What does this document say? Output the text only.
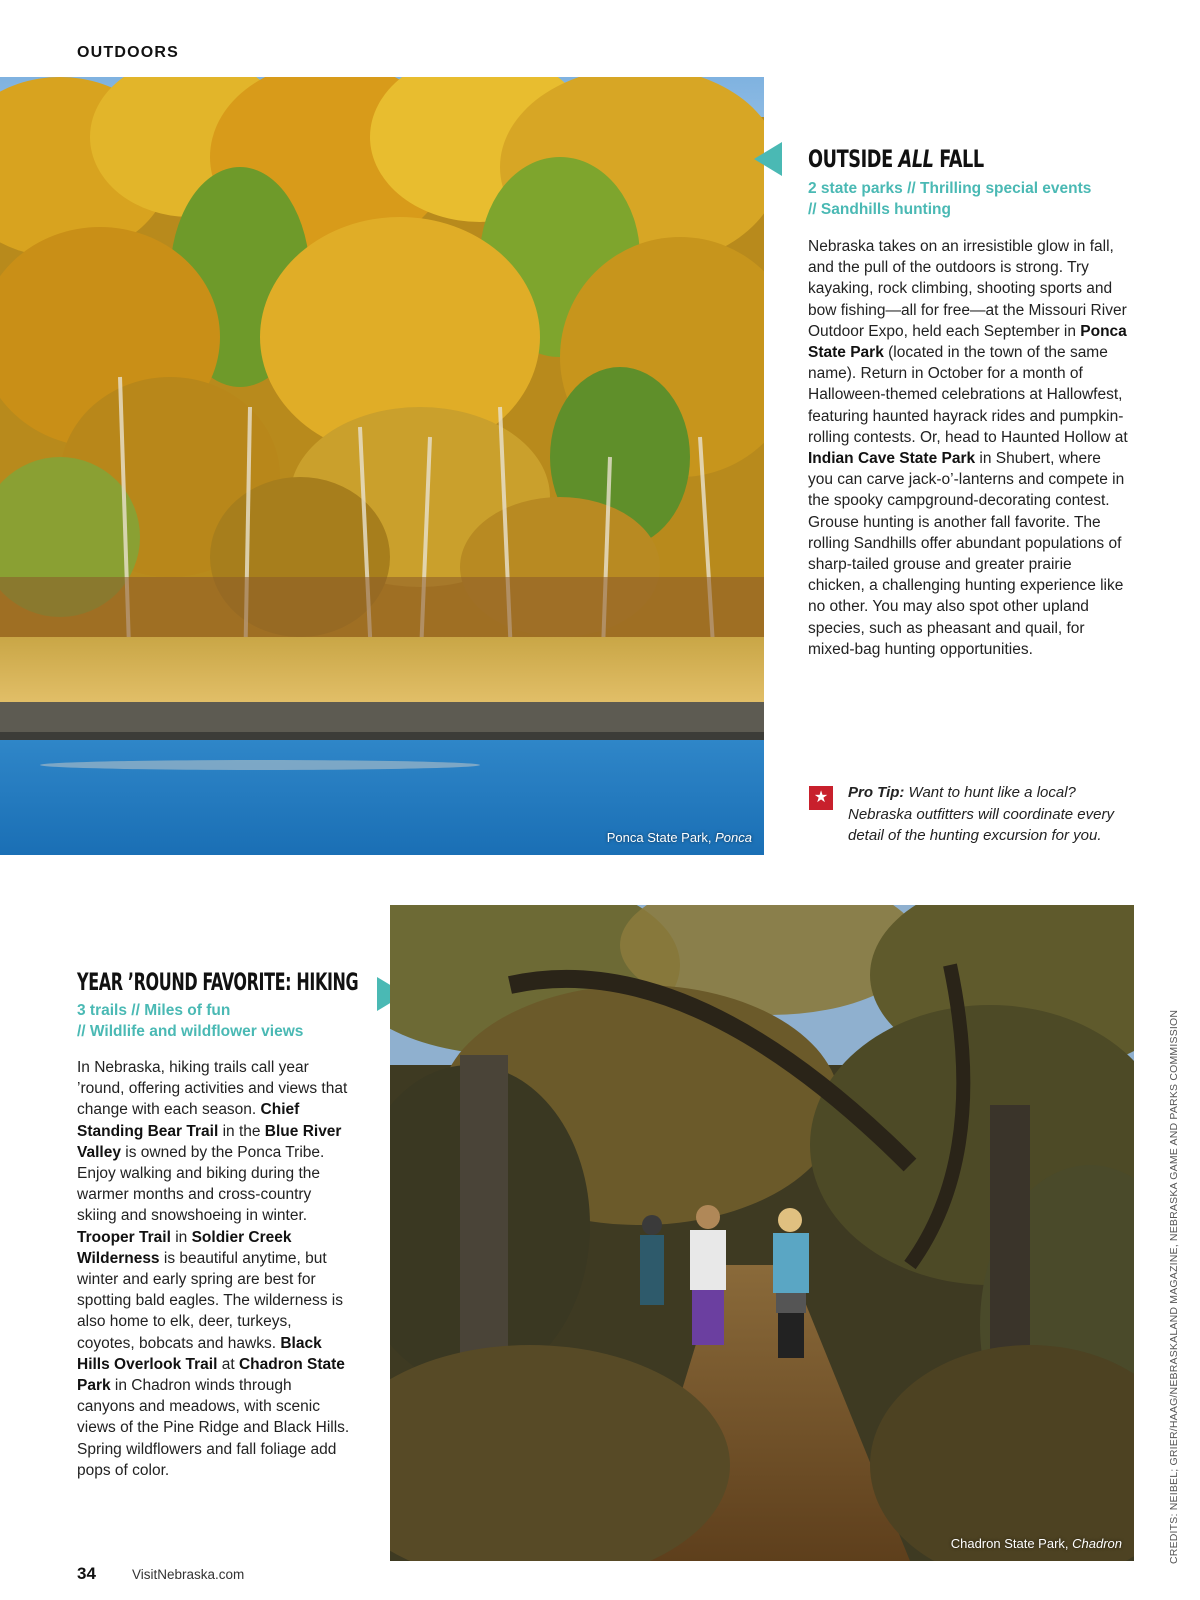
OUTDOORS
Ponca State Park, Ponca
OUTSIDE ALL FALL
2 state parks // Thrilling special events
// Sandhills hunting

Nebraska takes on an irresistible glow in fall, and the pull of the outdoors is strong. Try kayaking, rock climbing, shooting sports and bow fishing—all for free—at the Missouri River Outdoor Expo, held each September in Ponca State Park (located in the town of the same name). Return in October for a month of Halloween-themed celebrations at Hallowfest, featuring haunted hayrack rides and pumpkin-rolling contests. Or, head to Haunted Hollow at Indian Cave State Park in Shubert, where you can carve jack-o’-lanterns and compete in the spooky campground-decorating contest. Grouse hunting is another fall favorite. The rolling Sandhills offer abundant populations of sharp-tailed grouse and greater prairie chicken, a challenging hunting experience like no other. You may also spot other upland species, such as pheasant and quail, for mixed-bag hunting opportunities.

★	Pro Tip: Want to hunt like a local? Nebraska outfitters will coordinate every detail of the hunting excursion for you.
YEAR ’ROUND FAVORITE: HIKING
3 trails // Miles of fun
// Wildlife and wildflower views

In Nebraska, hiking trails call year ’round, offering activities and views that change with each season. Chief Standing Bear Trail in the Blue River Valley is owned by the Ponca Tribe. Enjoy walking and biking during the warmer months and cross-country skiing and snowshoeing in winter. Trooper Trail in Soldier Creek Wilderness is beautiful anytime, but winter and early spring are best for spotting bald eagles. The wilderness is also home to elk, deer, turkeys, coyotes, bobcats and hawks. Black Hills Overlook Trail at Chadron State Park in Chadron winds through canyons and meadows, with scenic views of the Pine Ridge and Black Hills. Spring wildflowers and fall foliage add pops of color.

Chadron State Park, Chadron	CREDITS: NEIBEL; GRIER/HAAG/NEBRASKALAND MAGAZINE, NEBRASKA GAME AND PARKS COMMISSION
34	VisitNebraska.com
